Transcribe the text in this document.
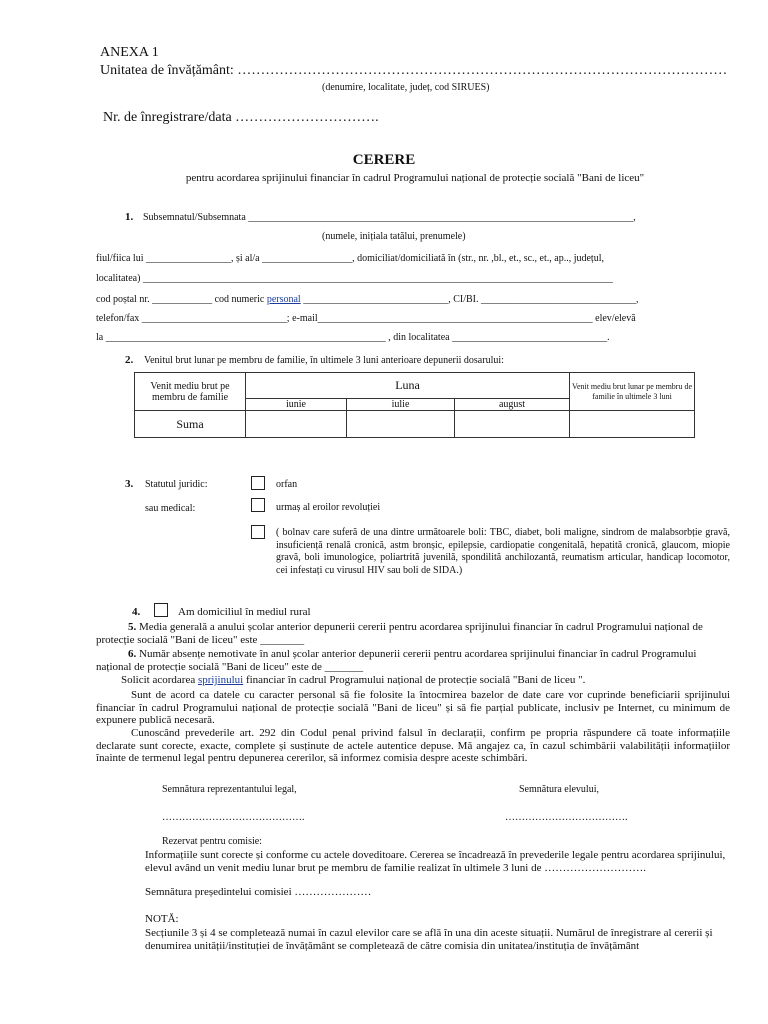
ANEXA 1
Unitatea de învățământ: ……………………………………………………………………………………………
(denumire, localitate, județ, cod SIRUES)
Nr. de înregistrare/data ………………………….
CERERE
pentru acordarea sprijinului financiar în cadrul Programului național de protecție socială "Bani de liceu"
1. Subsemnatul/Subsemnata _____________________________________________________________________________,
(numele, inițiala tatălui, prenumele)
fiul/fiica lui _________________, și al/a __________________, domiciliat/domiciliată în (str., nr. ,bl., et., sc., et., ap.., județul,
localitatea) ______________________________________________________________________________________________
cod poștal nr. ____________ cod numeric personal _____________________________, CI/BI. _______________________________,
telefon/fax _____________________________; e-mail_______________________________________________________ elev/elevă
la ________________________________________________________ , din localitatea _______________________________.
2. Venitul brut lunar pe membru de familie, în ultimele 3 luni anterioare depunerii dosarului:
Venit mediu brut pe membru de familie	Luna			Venit mediu brut lunar pe membru de familie în ultimele 3 luni
	iunie	iulie	august	
Suma				
3. Statutul juridic:	orfan
sau medical:	urmaș al eroilor revoluției
( bolnav care suferă de una dintre următoarele boli: TBC, diabet, boli maligne, sindrom de malabsorbție gravă, insuficiență renală cronică, astm bronșic, epilepsie, cardiopatie congenitală, hepatită cronică, glaucom, miopie gravă, boli imunologice, poliartrită juvenilă, spondilită anchilozantă, reumatism articular, handicap locomotor, cei infestați cu virusul HIV sau boli de SIDA.)
4.	Am domiciliul în mediul rural
5. Media generală a anului școlar anterior depunerii cererii pentru acordarea sprijinului financiar în cadrul Programului național de protecție socială "Bani de liceu" este ________
6. Număr absențe nemotivate în anul școlar anterior depunerii cererii pentru acordarea sprijinului financiar în cadrul Programului național de protecție socială "Bani de liceu" este de _______
Solicit acordarea sprijinului financiar în cadrul Programului național de protecție socială "Bani de liceu ".
Sunt de acord ca datele cu caracter personal să fie folosite la întocmirea bazelor de date care vor cuprinde beneficiarii sprijinului financiar în cadrul Programului național de protecție socială "Bani de liceu" și să fie parțial publicate, inclusiv pe Internet, cu minimum de expunere publică necesară.
Cunoscând prevederile art. 292 din Codul penal privind falsul în declarații, confirm pe propria răspundere că toate informațiile declarate sunt corecte, exacte, complete și susținute de actele autentice depuse. Mă angajez ca, în cazul schimbării valabilității informațiilor înainte de termenul legal pentru depunerea cererilor, să informez comisia despre aceste schimbări.
Semnătura reprezentantului legal,	Semnătura elevului,
…………………………………….	……………………………….
Rezervat pentru comisie:
Informațiile sunt corecte și conforme cu actele doveditoare. Cererea se încadrează în prevederile legale pentru acordarea sprijinului, elevul având un venit mediu lunar brut pe membru de familie realizat în ultimele 3 luni de ……………………….
Semnătura președintelui comisiei …………………
NOTĂ:
Secțiunile 3 și 4 se completează numai în cazul elevilor care se află în una din aceste situații. Numărul de înregistrare al cererii și denumirea unității/instituției de învățământ se completează de către comisia din unitatea/instituția de învățământ
